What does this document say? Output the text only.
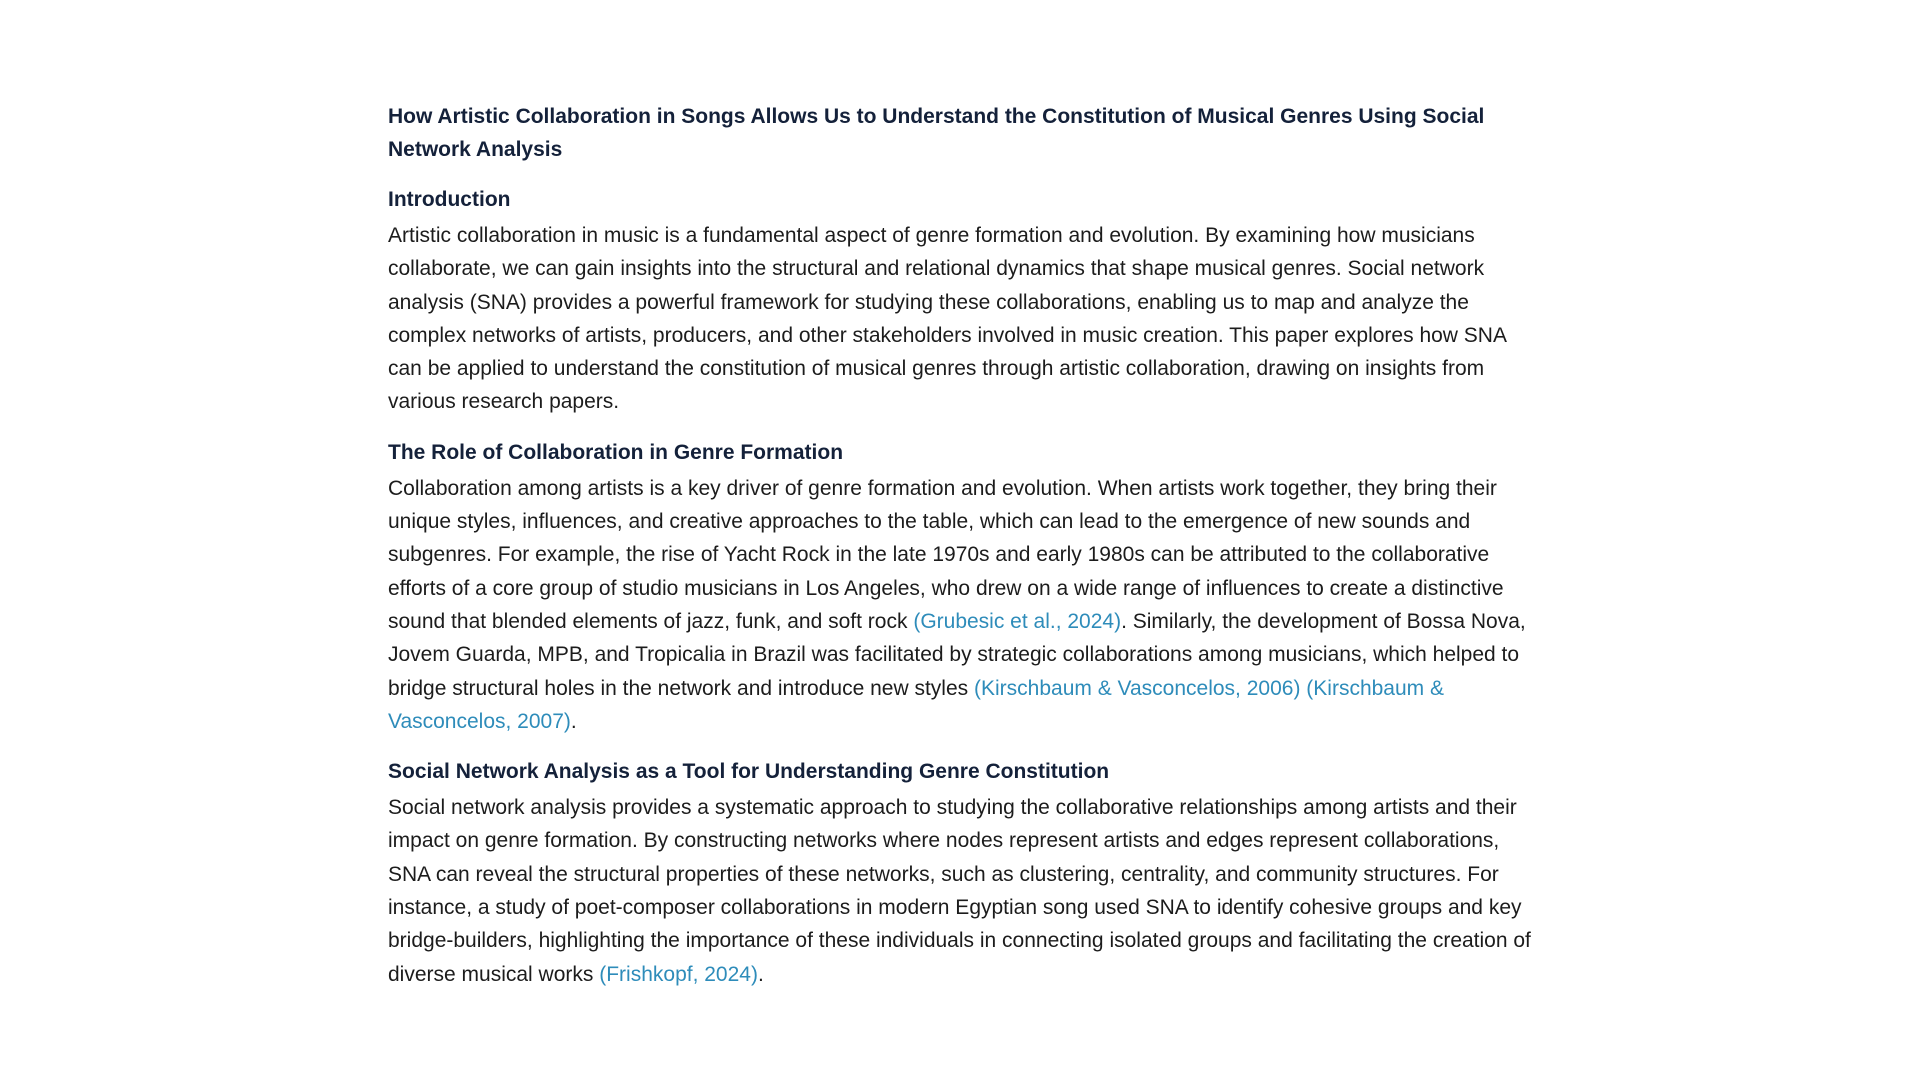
How Artistic Collaboration in Songs Allows Us to Understand the Constitution of Musical Genres Using Social Network Analysis
Introduction

Artistic collaboration in music is a fundamental aspect of genre formation and evolution. By examining how musicians collaborate, we can gain insights into the structural and relational dynamics that shape musical genres. Social network analysis (SNA) provides a powerful framework for studying these collaborations, enabling us to map and analyze the complex networks of artists, producers, and other stakeholders involved in music creation. This paper explores how SNA can be applied to understand the constitution of musical genres through artistic collaboration, drawing on insights from various research papers.

The Role of Collaboration in Genre Formation

Collaboration among artists is a key driver of genre formation and evolution. When artists work together, they bring their unique styles, influences, and creative approaches to the table, which can lead to the emergence of new sounds and subgenres. For example, the rise of Yacht Rock in the late 1970s and early 1980s can be attributed to the collaborative efforts of a core group of studio musicians in Los Angeles, who drew on a wide range of influences to create a distinctive sound that blended elements of jazz, funk, and soft rock (Grubesic et al., 2024). Similarly, the development of Bossa Nova, Jovem Guarda, MPB, and Tropicalia in Brazil was facilitated by strategic collaborations among musicians, which helped to bridge structural holes in the network and introduce new styles (Kirschbaum & Vasconcelos, 2006) (Kirschbaum & Vasconcelos, 2007).

Social Network Analysis as a Tool for Understanding Genre Constitution

Social network analysis provides a systematic approach to studying the collaborative relationships among artists and their impact on genre formation. By constructing networks where nodes represent artists and edges represent collaborations, SNA can reveal the structural properties of these networks, such as clustering, centrality, and community structures. For instance, a study of poet-composer collaborations in modern Egyptian song used SNA to identify cohesive groups and key bridge-builders, highlighting the importance of these individuals in connecting isolated groups and facilitating the creation of diverse musical works (Frishkopf, 2024).
